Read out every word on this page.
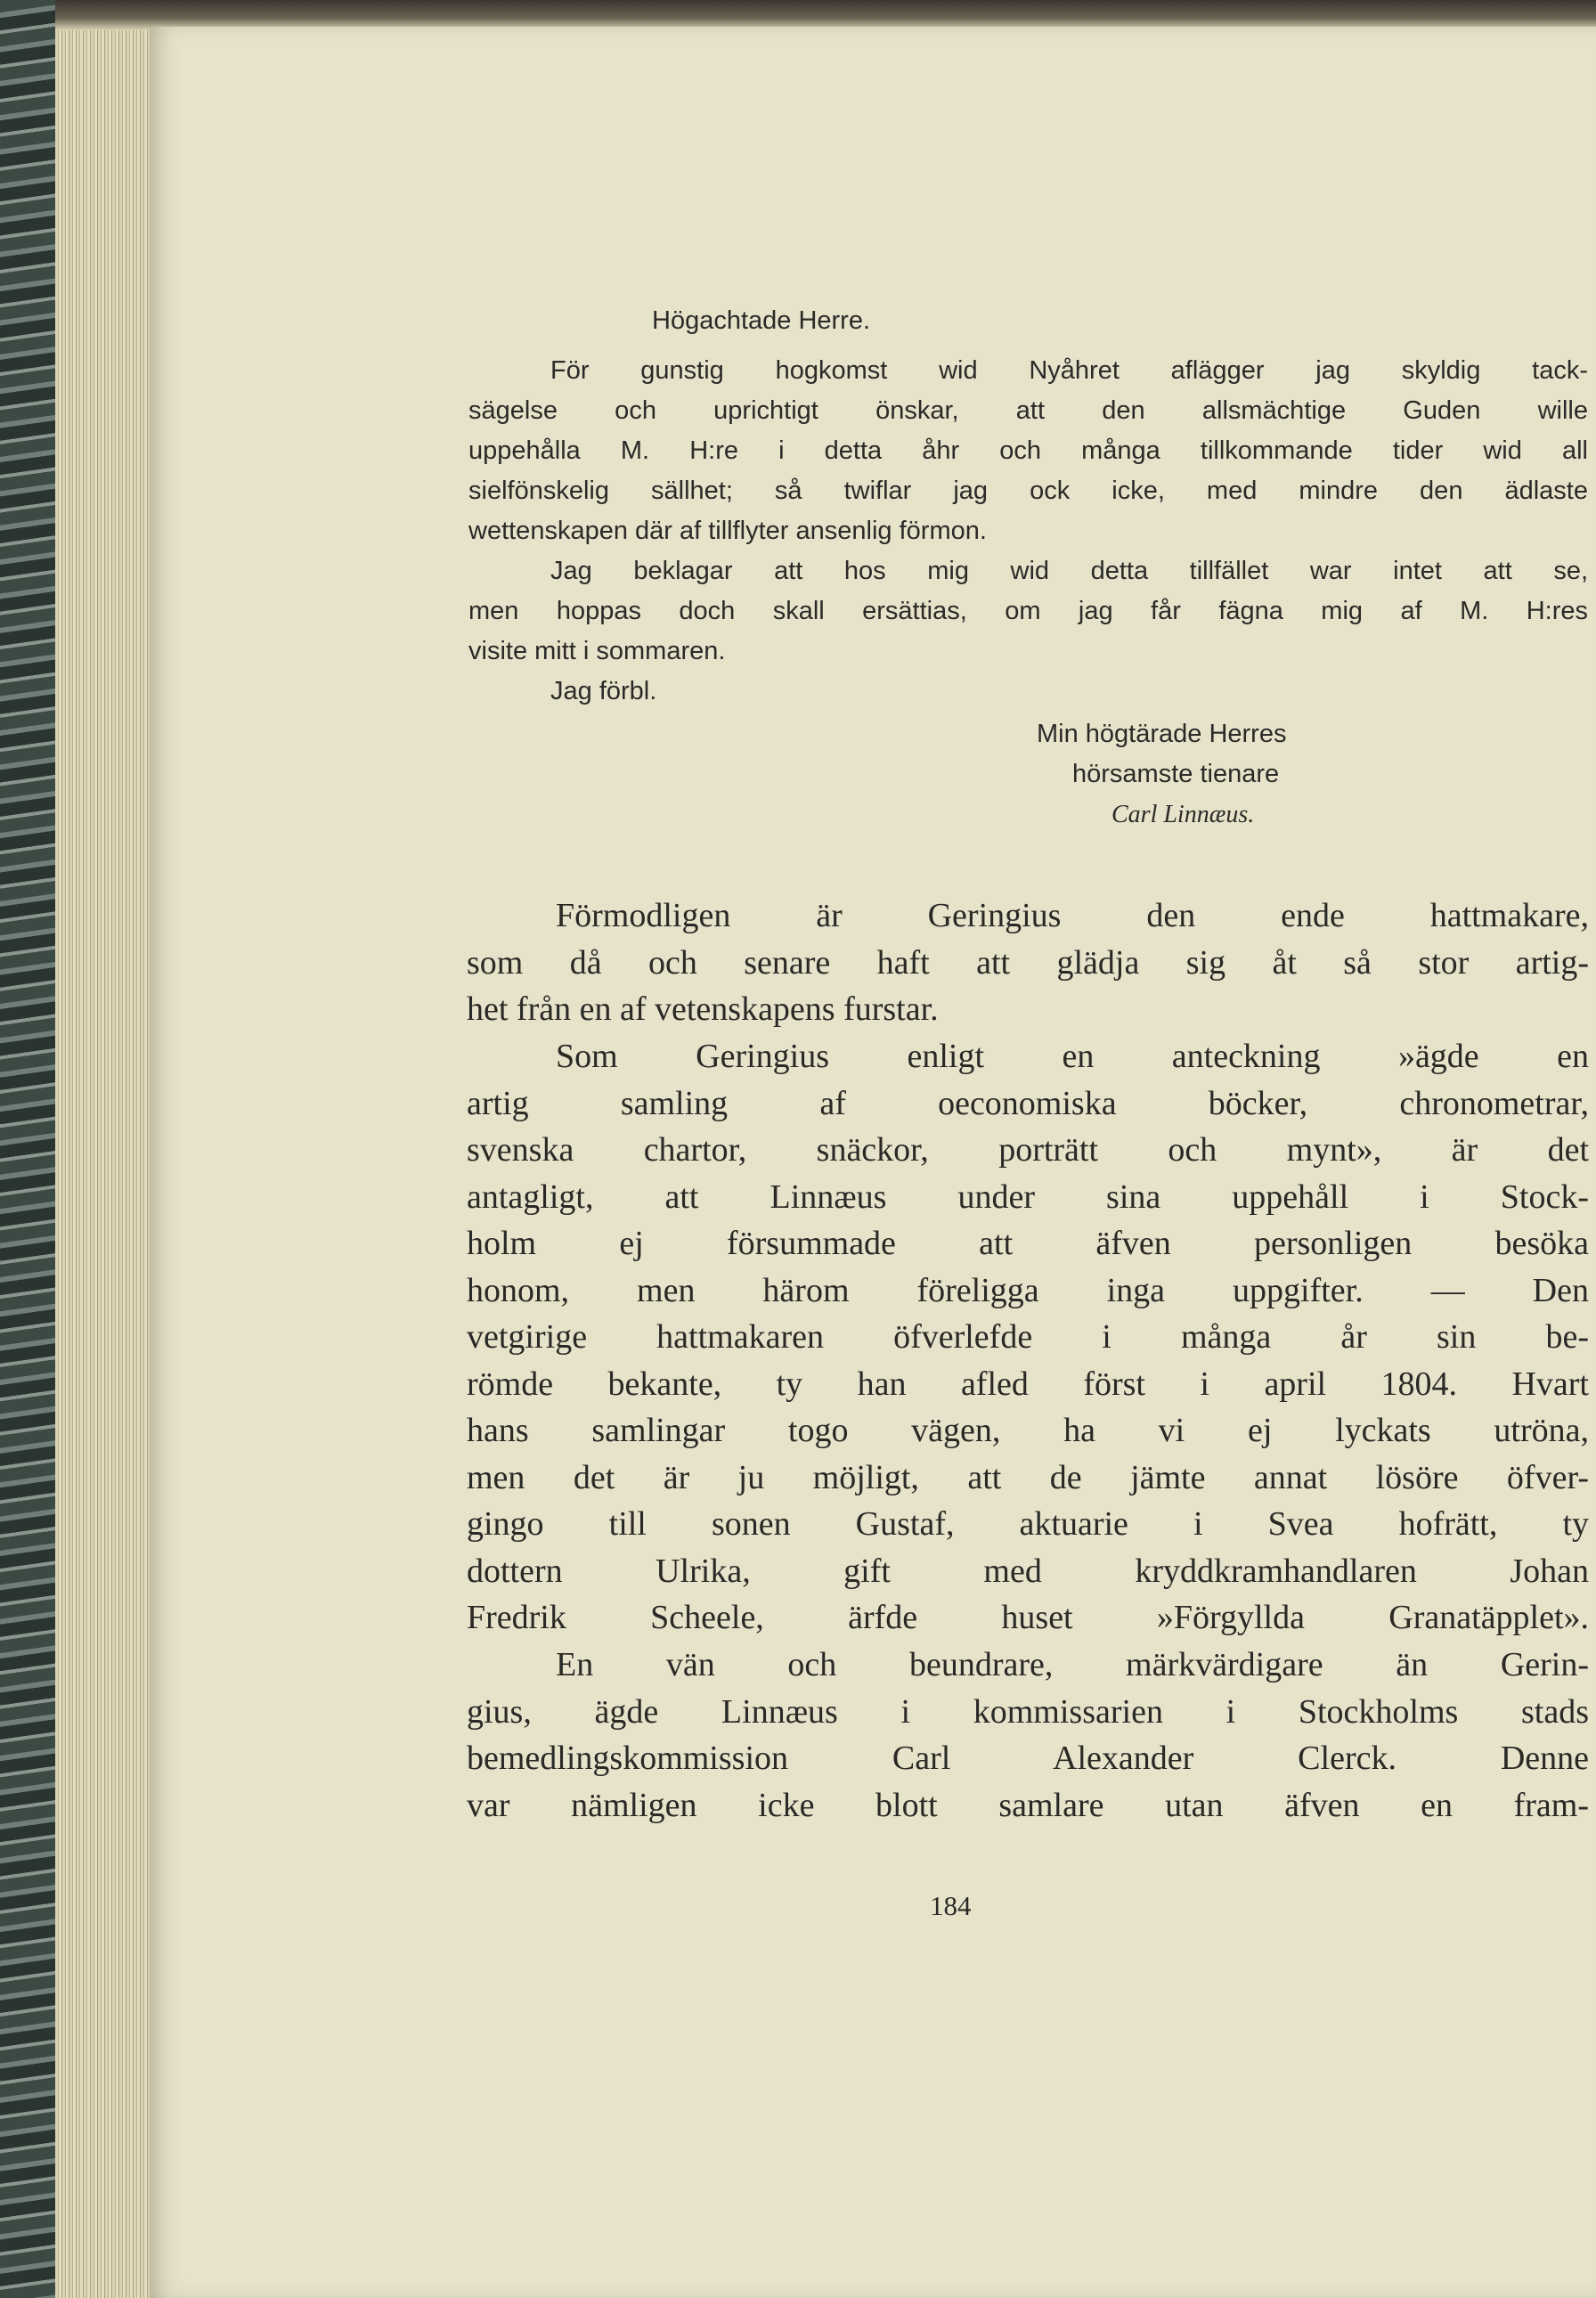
Högachtade Herre.

För gunstig hogkomst wid Nyåhret aflägger jag skyldig tack-

sägelse och uprichtigt önskar, att den allsmächtige Guden wille

uppehålla M. H:re i detta åhr och många tillkommande tider wid all

sielfönskelig sällhet; så twiflar jag ock icke, med mindre den ädlaste

wettenskapen där af tillflyter ansenlig förmon.

Jag beklagar att hos mig wid detta tillfället war intet att se,

men hoppas doch skall ersättias, om jag får fägna mig af M. H:res

visite mitt i sommaren.

Jag förbl.
Min högtärade Herres
hörsamste tienare
Carl Linnæus.
Förmodligen är Geringius den ende hattmakare,
som då och senare haft att glädja sig åt så stor artig-
het från en af vetenskapens furstar.
Som Geringius enligt en anteckning »ägde en
artig samling af oeconomiska böcker, chronometrar,
svenska chartor, snäckor, porträtt och mynt», är det
antagligt, att Linnæus under sina uppehåll i Stock-
holm ej försummade att äfven personligen besöka
honom, men härom föreligga inga uppgifter. — Den
vetgirige hattmakaren öfverlefde i många år sin be-
römde bekante, ty han afled först i april 1804. Hvart
hans samlingar togo vägen, ha vi ej lyckats utröna,
men det är ju möjligt, att de jämte annat lösöre öfver-
gingo till sonen Gustaf, aktuarie i Svea hofrätt, ty
dottern Ulrika, gift med kryddkramhandlaren Johan
Fredrik Scheele, ärfde huset »Förgyllda Granatäpplet».
En vän och beundrare, märkvärdigare än Gerin-
gius, ägde Linnæus i kommissarien i Stockholms stads
bemedlingskommission Carl Alexander Clerck. Denne
var nämligen icke blott samlare utan äfven en fram-
184
